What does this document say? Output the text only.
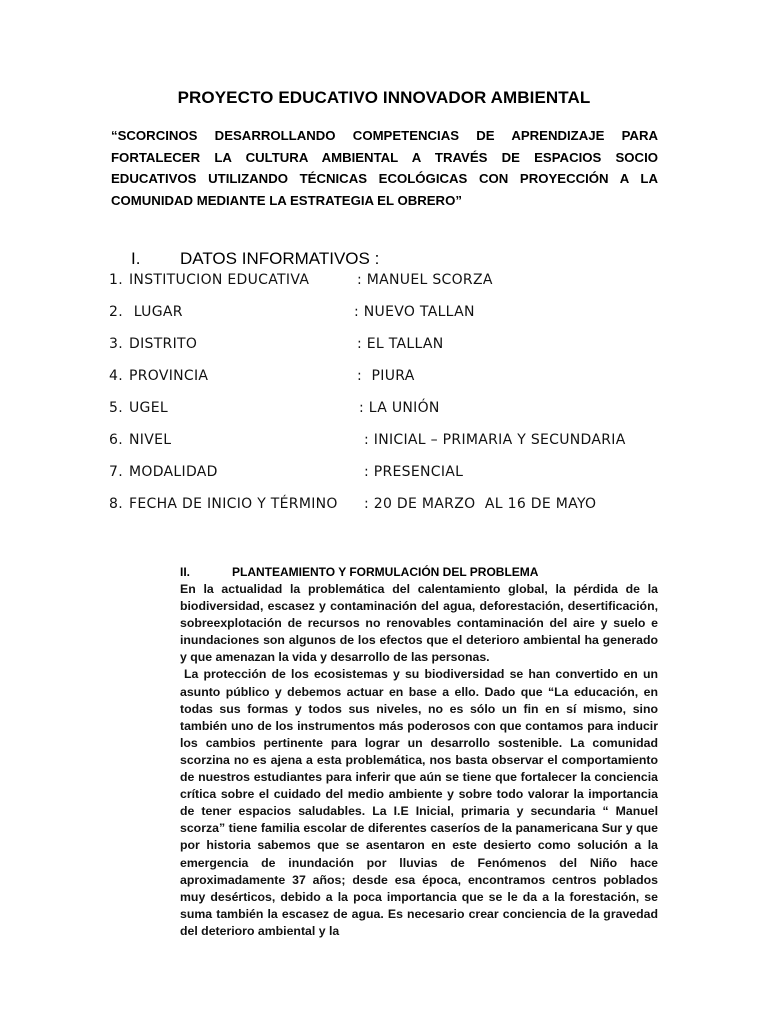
PROYECTO EDUCATIVO INNOVADOR AMBIENTAL
“SCORCINOS DESARROLLANDO COMPETENCIAS DE APRENDIZAJE PARA FORTALECER LA CULTURA AMBIENTAL A TRAVÉS DE ESPACIOS SOCIO EDUCATIVOS UTILIZANDO TÉCNICAS ECOLÓGICAS CON PROYECCIÓN A LA COMUNIDAD MEDIANTE LA ESTRATEGIA EL OBRERO”
I. DATOS INFORMATIVOS :
1. INSTITUCION EDUCATIVA	: MANUEL SCORZA
2. LUGAR	: NUEVO TALLAN
3. DISTRITO	: EL TALLAN
4. PROVINCIA	:  PIURA
5. UGEL	: LA UNIÓN
6. NIVEL	: INICIAL – PRIMARIA Y SECUNDARIA
7. MODALIDAD	: PRESENCIAL
8. FECHA DE INICIO Y TÉRMINO : 20 DE MARZO  AL 16 DE MAYO
II.	PLANTEAMIENTO Y FORMULACIÓN DEL PROBLEMA

En la actualidad la problemática del calentamiento global, la pérdida de la biodiversidad, escasez y contaminación del agua, deforestación, desertificación, sobreexplotación de recursos no renovables contaminación del aire y suelo e inundaciones son algunos de los efectos que el deterioro ambiental ha generado y que amenazan la vida y desarrollo de las personas.

La protección de los ecosistemas y su biodiversidad se han convertido en un asunto público y debemos actuar en base a ello. Dado que “La educación, en todas sus formas y todos sus niveles, no es sólo un fin en sí mismo, sino también uno de los instrumentos más poderosos con que contamos para inducir los cambios pertinente para lograr un desarrollo sostenible. La comunidad scorzina no es ajena a esta problemática, nos basta observar el comportamiento de nuestros estudiantes para inferir que aún se tiene que fortalecer la conciencia crítica sobre el cuidado del medio ambiente y sobre todo valorar la importancia de tener espacios saludables. La I.E Inicial, primaria y secundaria “ Manuel scorza” tiene familia escolar de diferentes caseríos de la panamericana Sur y que por historia sabemos que se asentaron en este desierto como solución a la emergencia de inundación por lluvias de Fenómenos del Niño hace aproximadamente 37 años; desde esa época, encontramos centros poblados muy desérticos, debido a la poca importancia que se le da a la forestación, se suma también la escasez de agua. Es necesario crear conciencia de la gravedad del deterioro ambiental y la
